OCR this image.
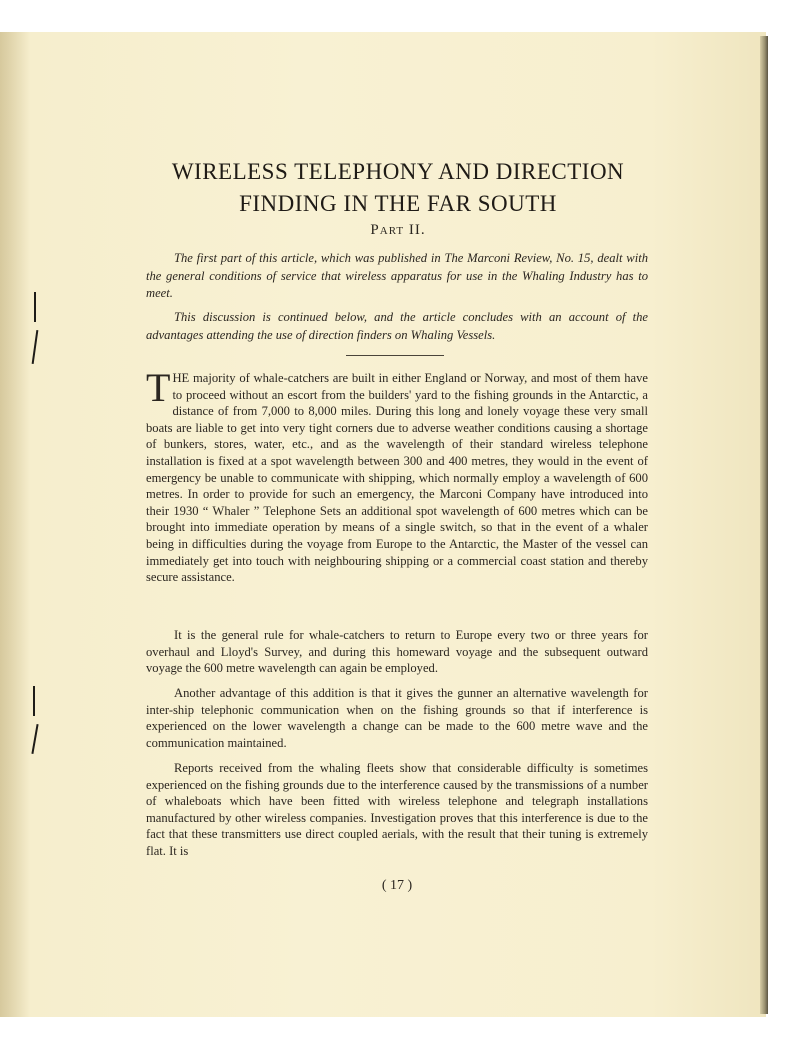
WIRELESS TELEPHONY AND DIRECTION
FINDING IN THE FAR SOUTH
Part II.

The first part of this article, which was published in The Marconi Review, No. 15, dealt with the general conditions of service that wireless apparatus for use in the Whaling Industry has to meet.

This discussion is continued below, and the article concludes with an account of the advantages attending the use of direction finders on Whaling Vessels.

THE majority of whale-catchers are built in either England or Norway, and most of them have to proceed without an escort from the builders' yard to the fishing grounds in the Antarctic, a distance of from 7,000 to 8,000 miles. During this long and lonely voyage these very small boats are liable to get into very tight corners due to adverse weather conditions causing a shortage of bunkers, stores, water, etc., and as the wavelength of their standard wireless telephone installation is fixed at a spot wavelength between 300 and 400 metres, they would in the event of emergency be unable to communicate with shipping, which normally employ a wavelength of 600 metres. In order to provide for such an emergency, the Marconi Company have introduced into their 1930 “ Whaler ” Telephone Sets an additional spot wavelength of 600 metres which can be brought into immediate operation by means of a single switch, so that in the event of a whaler being in difficulties during the voyage from Europe to the Antarctic, the Master of the vessel can immediately get into touch with neighbouring shipping or a commercial coast station and thereby secure assistance.

It is the general rule for whale-catchers to return to Europe every two or three years for overhaul and Lloyd's Survey, and during this homeward voyage and the subsequent outward voyage the 600 metre wavelength can again be employed.

Another advantage of this addition is that it gives the gunner an alternative wavelength for inter-ship telephonic communication when on the fishing grounds so that if interference is experienced on the lower wavelength a change can be made to the 600 metre wave and the communication maintained.

Reports received from the whaling fleets show that considerable difficulty is sometimes experienced on the fishing grounds due to the interference caused by the transmissions of a number of whaleboats which have been fitted with wireless telephone and telegraph installations manufactured by other wireless companies. Investigation proves that this interference is due to the fact that these transmitters use direct coupled aerials, with the result that their tuning is extremely flat. It is

( 17 )
